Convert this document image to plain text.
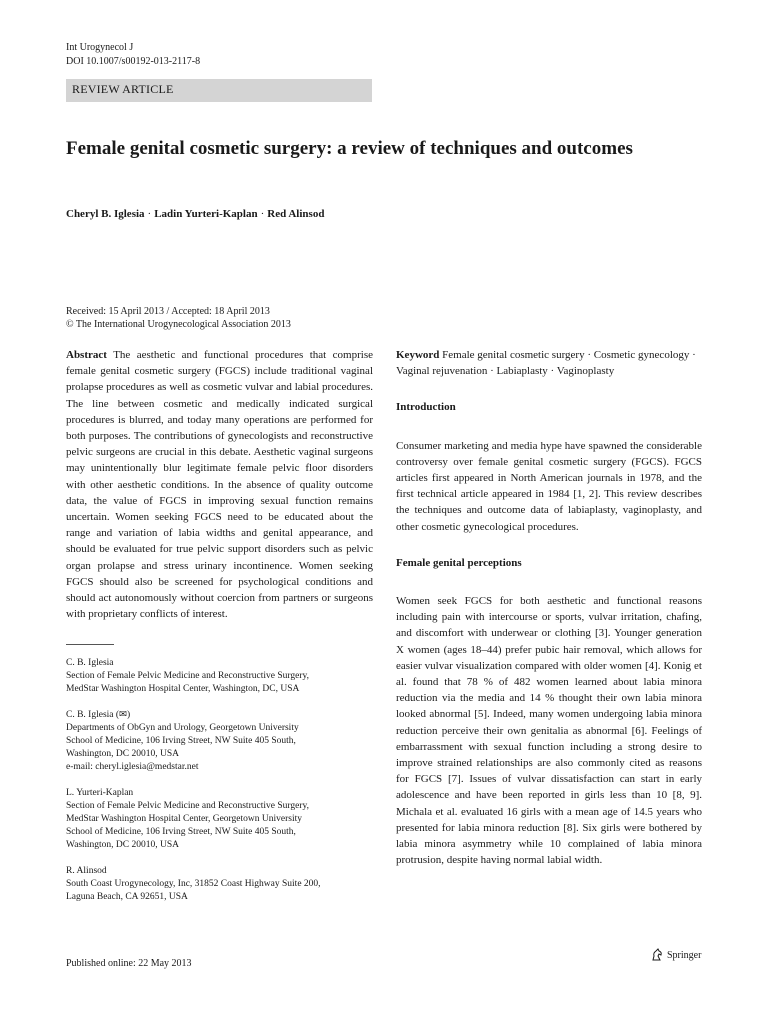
Int Urogynecol J
DOI 10.1007/s00192-013-2117-8
REVIEW ARTICLE
Female genital cosmetic surgery: a review of techniques and outcomes
Cheryl B. Iglesia · Ladin Yurteri-Kaplan · Red Alinsod
Received: 15 April 2013 / Accepted: 18 April 2013
© The International Urogynecological Association 2013
Abstract The aesthetic and functional procedures that comprise female genital cosmetic surgery (FGCS) include traditional vaginal prolapse procedures as well as cosmetic vulvar and labial procedures. The line between cosmetic and medically indicated surgical procedures is blurred, and today many operations are performed for both purposes. The contributions of gynecologists and reconstructive pelvic surgeons are crucial in this debate. Aesthetic vaginal surgeons may unintentionally blur legitimate female pelvic floor disorders with other aesthetic conditions. In the absence of quality outcome data, the value of FGCS in improving sexual function remains uncertain. Women seeking FGCS need to be educated about the range and variation of labia widths and genital appearance, and should be evaluated for true pelvic support disorders such as pelvic organ prolapse and stress urinary incontinence. Women seeking FGCS should also be screened for psychological conditions and should act autonomously without coercion from partners or surgeons with proprietary conflicts of interest.
C. B. Iglesia
Section of Female Pelvic Medicine and Reconstructive Surgery,
MedStar Washington Hospital Center, Washington, DC, USA
C. B. Iglesia (✉)
Departments of ObGyn and Urology, Georgetown University
School of Medicine, 106 Irving Street, NW Suite 405 South,
Washington, DC 20010, USA
e-mail: cheryl.iglesia@medstar.net
L. Yurteri-Kaplan
Section of Female Pelvic Medicine and Reconstructive Surgery,
MedStar Washington Hospital Center, Georgetown University
School of Medicine, 106 Irving Street, NW Suite 405 South,
Washington, DC 20010, USA
R. Alinsod
South Coast Urogynecology, Inc, 31852 Coast Highway Suite 200,
Laguna Beach, CA 92651, USA
Keyword Female genital cosmetic surgery · Cosmetic gynecology · Vaginal rejuvenation · Labiaplasty · Vaginoplasty
Introduction
Consumer marketing and media hype have spawned the considerable controversy over female genital cosmetic surgery (FGCS). FGCS articles first appeared in North American journals in 1978, and the first technical article appeared in 1984 [1, 2]. This review describes the techniques and outcome data of labiaplasty, vaginoplasty, and other cosmetic gynecological procedures.
Female genital perceptions
Women seek FGCS for both aesthetic and functional reasons including pain with intercourse or sports, vulvar irritation, chafing, and discomfort with underwear or clothing [3]. Younger generation X women (ages 18–44) prefer pubic hair removal, which allows for easier vulvar visualization compared with older women [4]. Konig et al. found that 78 % of 482 women learned about labia minora reduction via the media and 14 % thought their own labia minora looked abnormal [5]. Indeed, many women undergoing labia minora reduction perceive their own genitalia as abnormal [6]. Feelings of embarrassment with sexual function including a strong desire to improve strained relationships are also commonly cited as reasons for FGCS [7]. Issues of vulvar dissatisfaction can start in early adolescence and have been reported in girls less than 10 [8, 9]. Michala et al. evaluated 16 girls with a mean age of 14.5 years who presented for labia minora reduction [8]. Six girls were bothered by labia minora asymmetry while 10 complained of labia minora protrusion, despite having normal labial width.
Published online: 22 May 2013
Springer
